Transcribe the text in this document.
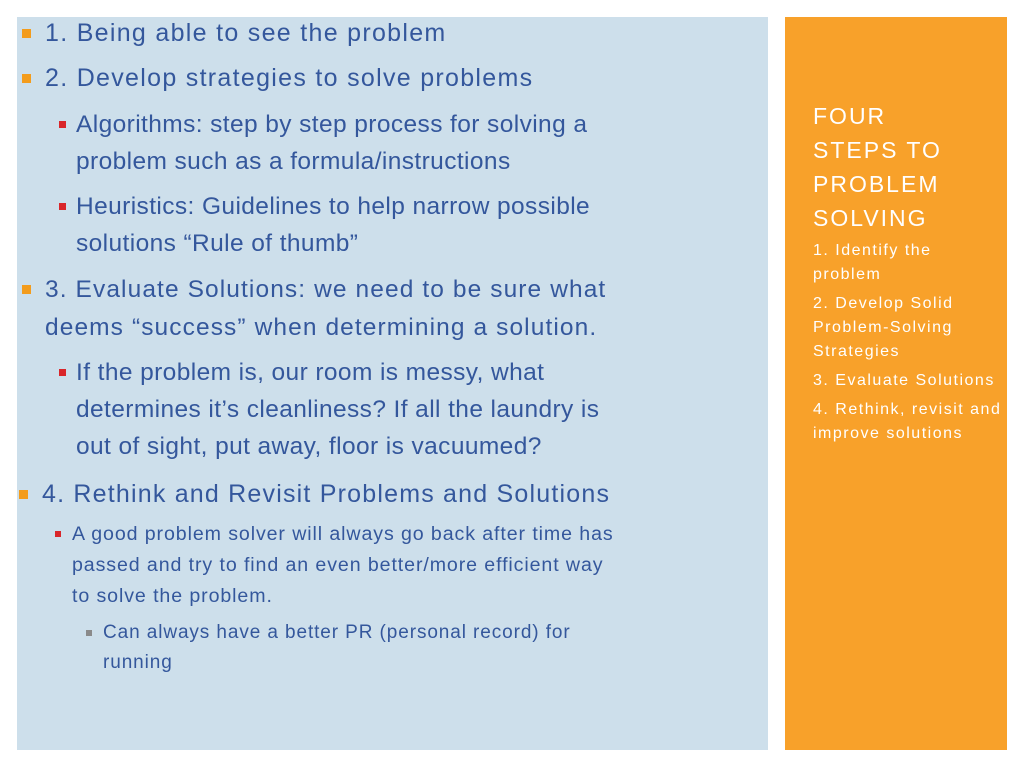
1. Being able to see the problem
2. Develop strategies to solve problems
Algorithms: step by step process for solving a
problem such as a formula/instructions
Heuristics: Guidelines to help narrow possible
solutions “Rule of thumb”
3. Evaluate Solutions: we need to be sure what
deems “success” when determining a solution.
If the problem is, our room is messy, what
determines it’s cleanliness? If all the laundry is
out of sight, put away, floor is vacuumed?
4. Rethink and Revisit Problems and Solutions
A good problem solver will always go back after time has
passed and try to find an even better/more efficient way
to solve the problem.
Can always have a better PR (personal record) for
running
FOUR
STEPS TO
PROBLEM
SOLVING
1. Identify the problem
2. Develop Solid Problem-Solving Strategies
3. Evaluate Solutions
4. Rethink, revisit and improve solutions
